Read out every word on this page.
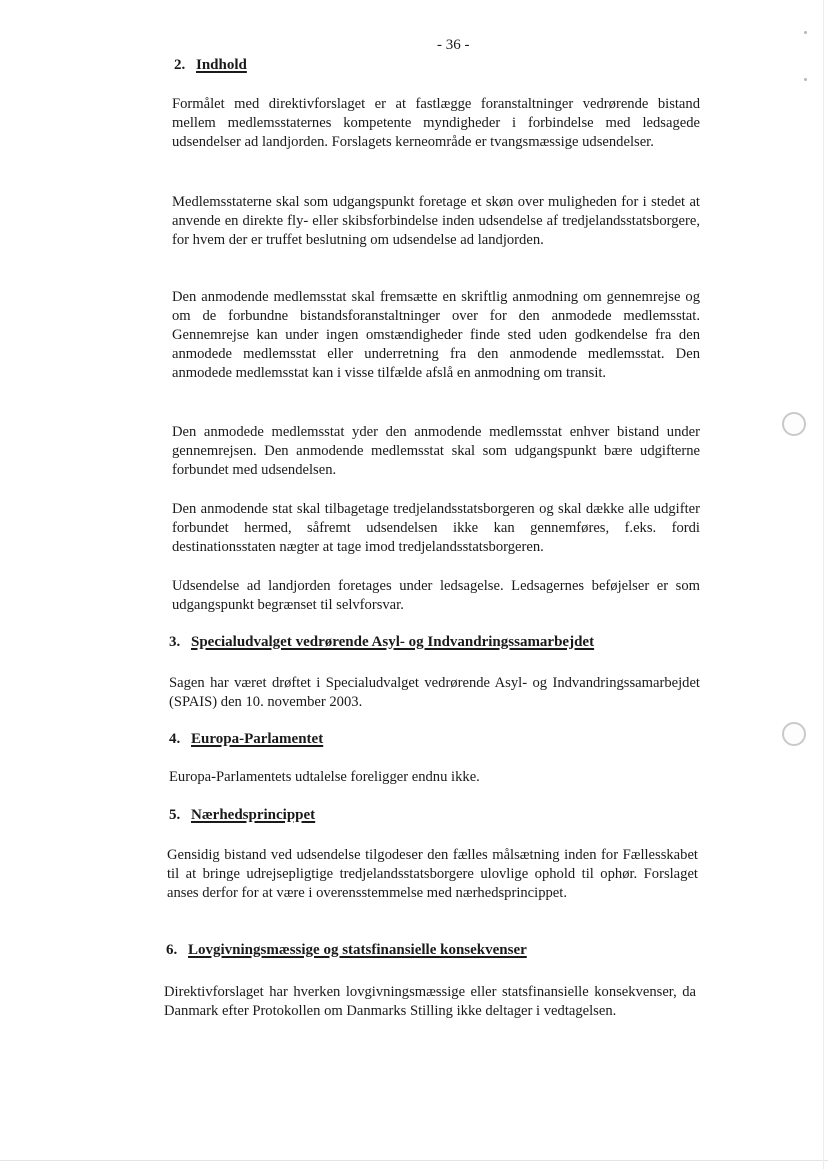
- 36 -
2. Indhold

Formålet med direktivforslaget er at fastlægge foranstaltninger vedrørende bistand mellem medlemsstaternes kompetente myndigheder i forbindelse med ledsagede udsendelser ad landjorden. Forslagets kerneområde er tvangsmæssige udsendelser.

Medlemsstaterne skal som udgangspunkt foretage et skøn over muligheden for i stedet at anvende en direkte fly- eller skibsforbindelse inden udsendelse af tredjelandsstatsborgere, for hvem der er truffet beslutning om udsendelse ad landjorden.

Den anmodende medlemsstat skal fremsætte en skriftlig anmodning om gennemrejse og om de forbundne bistandsforanstaltninger over for den anmodede medlemsstat. Gennemrejse kan under ingen omstændigheder finde sted uden godkendelse fra den anmodede medlemsstat eller underretning fra den anmodende medlemsstat. Den anmodede medlemsstat kan i visse tilfælde afslå en anmodning om transit.

Den anmodede medlemsstat yder den anmodende medlemsstat enhver bistand under gennemrejsen. Den anmodende medlemsstat skal som udgangspunkt bære udgifterne forbundet med udsendelsen.

Den anmodende stat skal tilbagetage tredjelandsstatsborgeren og skal dække alle udgifter forbundet hermed, såfremt udsendelsen ikke kan gennemføres, f.eks. fordi destinationsstaten nægter at tage imod tredjelandsstatsborgeren.

Udsendelse ad landjorden foretages under ledsagelse. Ledsagernes beføjelser er som udgangspunkt begrænset til selvforsvar.

3. Specialudvalget vedrørende Asyl- og Indvandringssamarbejdet

Sagen har været drøftet i Specialudvalget vedrørende Asyl- og Indvandringssamarbejdet (SPAIS) den 10. november 2003.

4. Europa-Parlamentet

Europa-Parlamentets udtalelse foreligger endnu ikke.

5. Nærhedsprincippet

Gensidig bistand ved udsendelse tilgodeser den fælles målsætning inden for Fællesskabet til at bringe udrejsepligtige tredjelandsstatsborgere ulovlige ophold til ophør. Forslaget anses derfor for at være i overensstemmelse med nærhedsprincippet.

6. Lovgivningsmæssige og statsfinansielle konsekvenser

Direktivforslaget har hverken lovgivningsmæssige eller statsfinansielle konsekvenser, da Danmark efter Protokollen om Danmarks Stilling ikke deltager i vedtagelsen.
